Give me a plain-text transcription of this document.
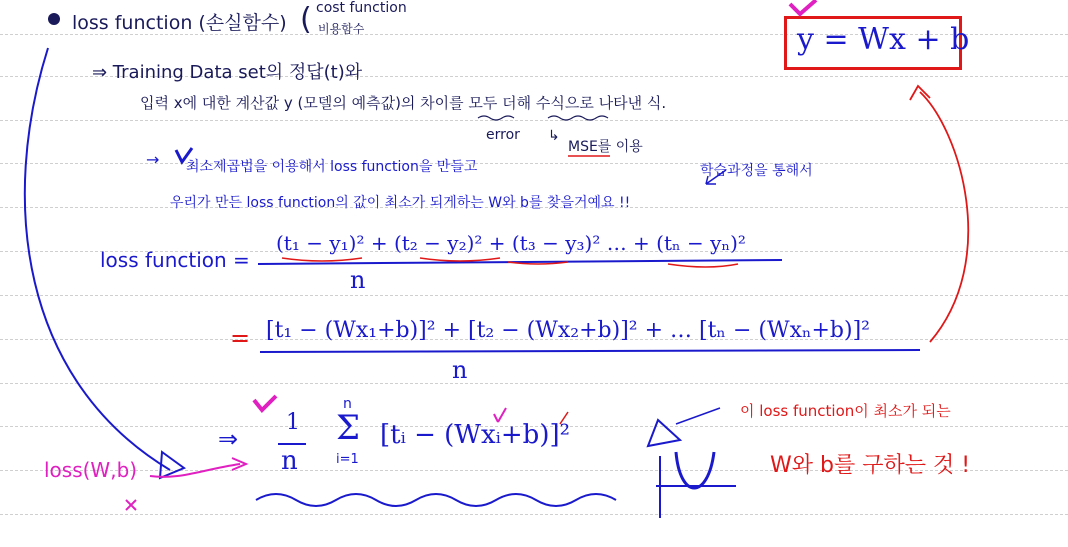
loss function (손실함수) ( cost function
비용함수	y = Wx + b
⇒ Training Data set의 정답(t)와
입력 x에 대한 계산값 y (모델의 예측값)의 차이를 모두 더해 수식으로 나타낸 식.
error ↳
MSE를 이용
→ 최소제곱법을 이용해서 loss function을 만들고	학습과정을 통해서
우리가 만든 loss function의 값이 최소가 되게하는 W와 b를 찾을거예요 !!
loss function =
(t₁ − y₁)² + (t₂ − y₂)² + (t₃ − y₃)² … + (tₙ − yₙ)²
n
= [t₁ − (Wx₁+b)]² + [t₂ − (Wx₂+b)]² + … [tₙ − (Wxₙ+b)]²
n
⇒
1
n
n
Σ
i=1
[tᵢ − (Wxᵢ+b)]²
이 loss function이 최소가 되는
W와 b를 구하는 것 !
loss(W,b)
